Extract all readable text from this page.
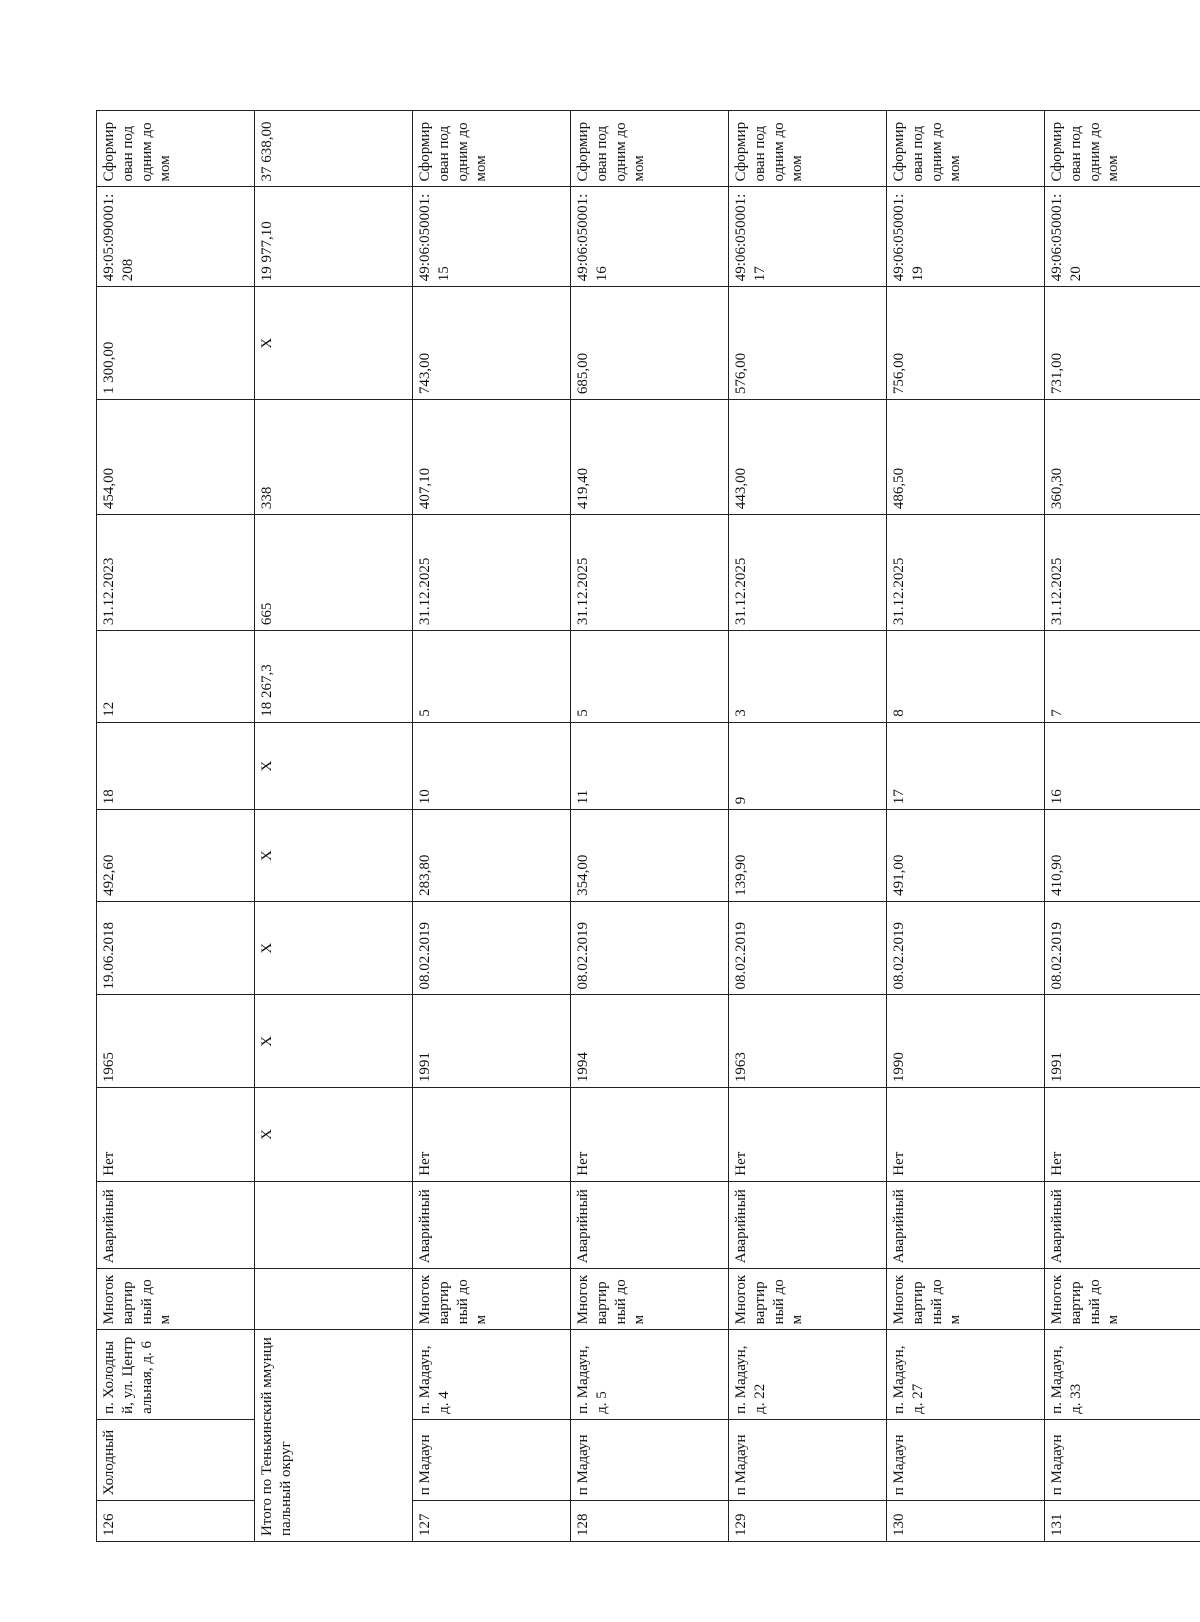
126	Холодный	п. Холодный, ул. Центральная, д. 6	Многоквартирный дом	Аварийный	Нет	1965	19.06.2018	492,60	18	12	31.12.2023	454,00	1 300,00	49:05:090001:208	Сформирован под одним домом
Итого по Тенькинский ммунципальный округ					Х	Х	Х	Х	Х	18 267,3	665	338	Х	19 977,10	37 638,00
127	п Мадаун	п. Мадаун, д. 4	Многоквартирный дом	Аварийный	Нет	1991	08.02.2019	283,80	10	5	31.12.2025	407,10	743,00	49:06:050001:15	Сформирован под одним домом
128	п Мадаун	п. Мадаун, д. 5	Многоквартирный дом	Аварийный	Нет	1994	08.02.2019	354,00	11	5	31.12.2025	419,40	685,00	49:06:050001:16	Сформирован под одним домом
129	п Мадаун	п. Мадаун, д. 22	Многоквартирный дом	Аварийный	Нет	1963	08.02.2019	139,90	9	3	31.12.2025	443,00	576,00	49:06:050001:17	Сформирован под одним домом
130	п Мадаун	п. Мадаун, д. 27	Многоквартирный дом	Аварийный	Нет	1990	08.02.2019	491,00	17	8	31.12.2025	486,50	756,00	49:06:050001:19	Сформирован под одним домом
131	п Мадаун	п. Мадаун, д. 33	Многоквартирный дом	Аварийный	Нет	1991	08.02.2019	410,90	16	7	31.12.2025	360,30	731,00	49:06:050001:20	Сформирован под одним домом
